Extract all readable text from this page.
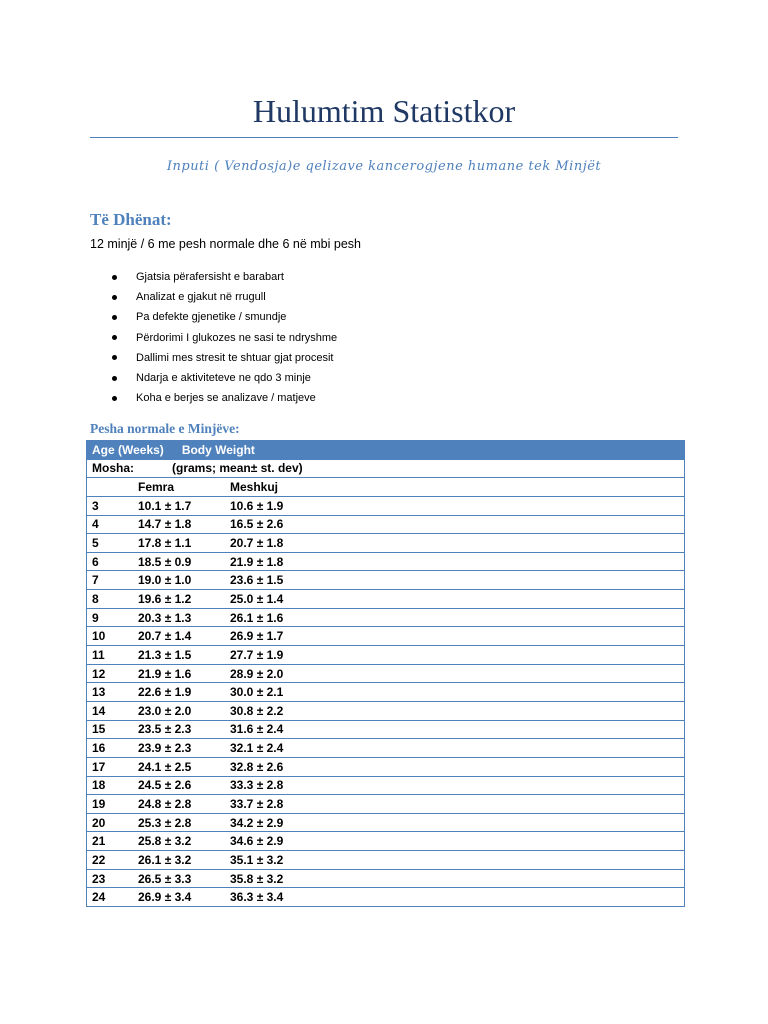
Hulumtim Statistkor
Inputi ( Vendosja)e qelizave kancerogjene humane tek Minjët
Të Dhënat:
12 minjë / 6 me pesh normale dhe 6 në mbi pesh
Gjatsia përafersisht e barabart
Analizat e gjakut në rrugull
Pa defekte gjenetike / smundje
Përdorimi I glukozes ne sasi te ndryshme
Dallimi mes stresit te shtuar gjat procesit
Ndarja e aktiviteteve ne qdo 3 minje
Koha e berjes se analizave / matjeve
Pesha normale e Minjëve:
Age (Weeks) Body Weight		
Mosha: (grams; mean± st. dev)		
	Femra	Meshkuj
3	10.1 ± 1.7	10.6 ± 1.9
4	14.7 ± 1.8	16.5 ± 2.6
5	17.8 ± 1.1	20.7 ± 1.8
6	18.5 ± 0.9	21.9 ± 1.8
7	19.0 ± 1.0	23.6 ± 1.5
8	19.6 ± 1.2	25.0 ± 1.4
9	20.3 ± 1.3	26.1 ± 1.6
10	20.7 ± 1.4	26.9 ± 1.7
11	21.3 ± 1.5	27.7 ± 1.9
12	21.9 ± 1.6	28.9 ± 2.0
13	22.6 ± 1.9	30.0 ± 2.1
14	23.0 ± 2.0	30.8 ± 2.2
15	23.5 ± 2.3	31.6 ± 2.4
16	23.9 ± 2.3	32.1 ± 2.4
17	24.1 ± 2.5	32.8 ± 2.6
18	24.5 ± 2.6	33.3 ± 2.8
19	24.8 ± 2.8	33.7 ± 2.8
20	25.3 ± 2.8	34.2 ± 2.9
21	25.8 ± 3.2	34.6 ± 2.9
22	26.1 ± 3.2	35.1 ± 3.2
23	26.5 ± 3.3	35.8 ± 3.2
24	26.9 ± 3.4	36.3 ± 3.4
